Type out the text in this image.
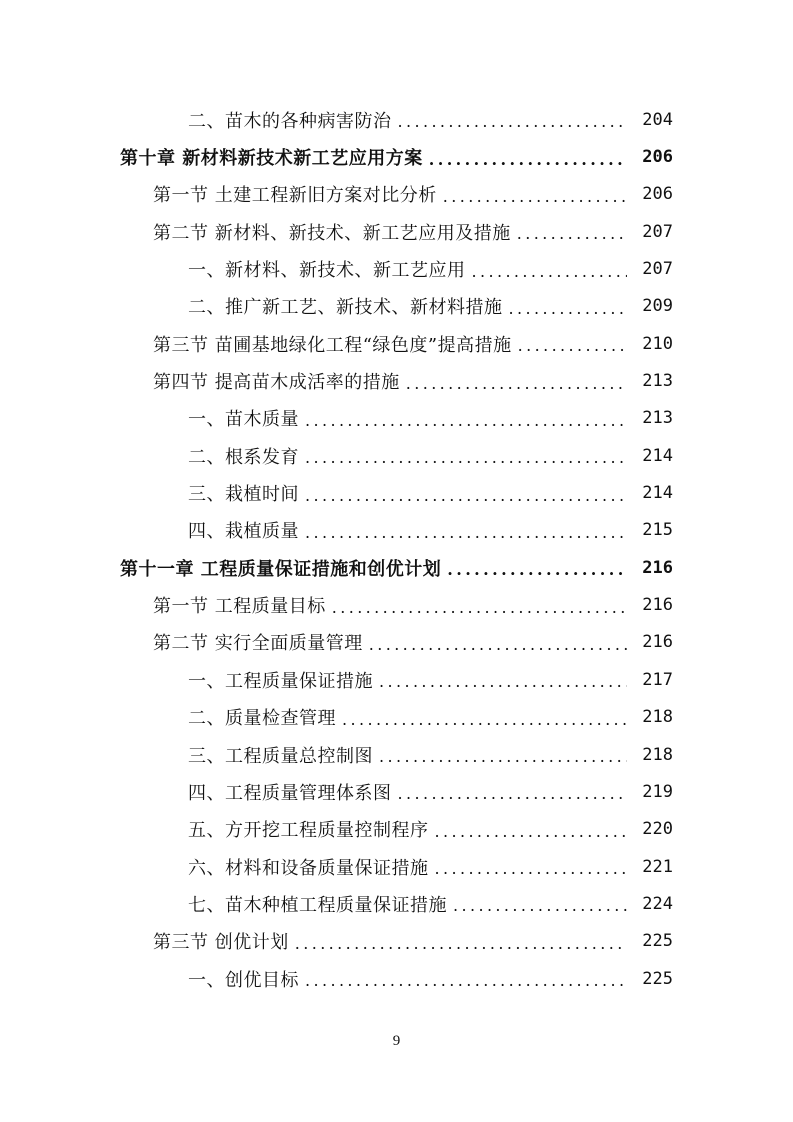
二、苗木的各种病害防治 .....	204
第十章 新材料新技术新工艺应用方案 .....	206
第一节 土建工程新旧方案对比分析 .....	206
第二节 新材料、新技术、新工艺应用及措施 .....	207
一、新材料、新技术、新工艺应用 .....	207
二、推广新工艺、新技术、新材料措施 .....	209
第三节 苗圃基地绿化工程“绿色度”提高措施 .....	210
第四节 提高苗木成活率的措施 .....	213
一、苗木质量 .....	213
二、根系发育 .....	214
三、栽植时间 .....	214
四、栽植质量 .....	215
第十一章 工程质量保证措施和创优计划 .....	216
第一节 工程质量目标 .....	216
第二节 实行全面质量管理 .....	216
一、工程质量保证措施 .....	217
二、质量检查管理 .....	218
三、工程质量总控制图 .....	218
四、工程质量管理体系图 .....	219
五、方开挖工程质量控制程序 .....	220
六、材料和设备质量保证措施 .....	221
七、苗木种植工程质量保证措施 .....	224
第三节 创优计划 .....	225
一、创优目标 .....	225
9
